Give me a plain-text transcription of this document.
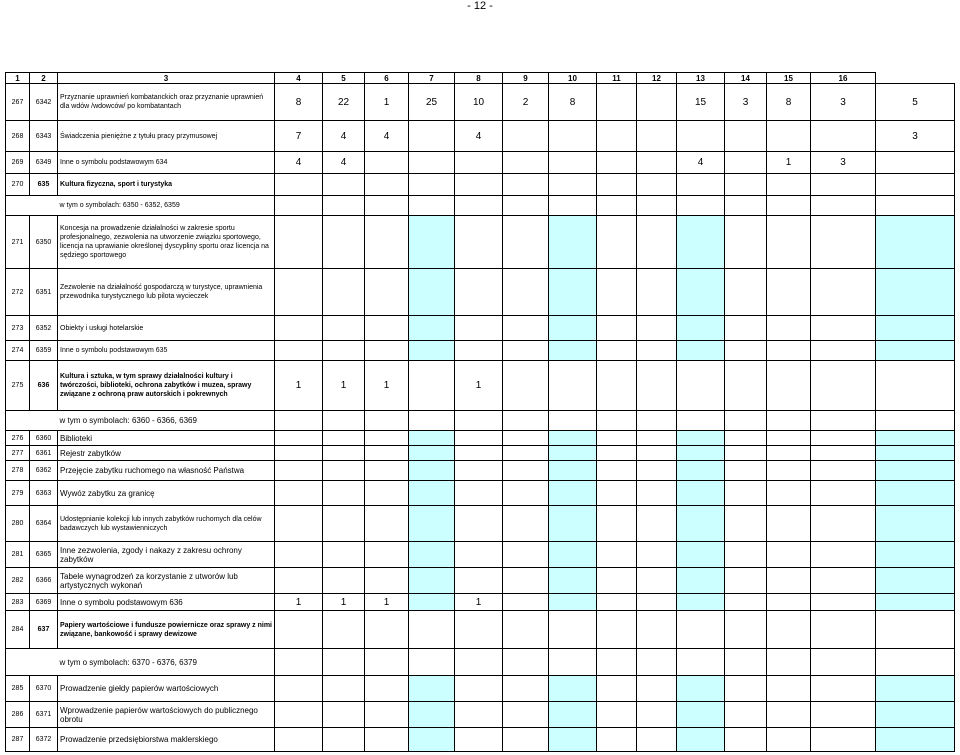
- 12 -
1	2	3	4	5	6	7	8	9	10	11	12	13	14	15	16	
267	6342	Przyznanie uprawnień kombatanckich oraz przyznanie uprawnień dla wdów /wdowców/ po kombatantach	8	22	1	25	10	2	8			15	3	8	3	5
268	6343	Świadczenia pieniężne z tytułu pracy przymusowej	7	4	4		4									3
269	6349	Inne o symbolu podstawowym 634	4	4								4		1	3	
270	635	Kultura fizyczna, sport i turystyka														
		w tym o symbolach: 6350 - 6352, 6359														
271	6350	Koncesja na prowadzenie działalności w zakresie sportu profesjonalnego, zezwolenia na utworzenie związku sportowego, licencja na uprawianie określonej dyscypliny sportu oraz licencja na sędziego sportowego														
272	6351	Zezwolenie na działalność gospodarczą w turystyce, uprawnienia przewodnika turystycznego lub pilota wycieczek														
273	6352	Obiekty i usługi hotelarskie														
274	6359	Inne o symbolu podstawowym 635														
275	636	Kultura i sztuka, w tym sprawy działalności kultury i twórczości, biblioteki, ochrona zabytków i muzea, sprawy związane z ochroną praw autorskich i pokrewnych	1	1	1		1									
		w tym o symbolach: 6360 - 6366, 6369														
276	6360	Biblioteki														
277	6361	Rejestr zabytków														
278	6362	Przejęcie zabytku ruchomego na własność Państwa														
279	6363	Wywóz zabytku za granicę														
280	6364	Udostępnianie kolekcji lub innych zabytków ruchomych dla celów badawczych lub wystawienniczych														
281	6365	Inne zezwolenia, zgody i nakazy z zakresu ochrony zabytków														
282	6366	Tabele wynagrodzeń za korzystanie z utworów lub artystycznych wykonań														
283	6369	Inne o symbolu podstawowym 636	1	1	1		1									
284	637	Papiery wartościowe i fundusze powiernicze oraz sprawy z nimi związane, bankowość i sprawy dewizowe														
		w tym o symbolach: 6370 - 6376, 6379														
285	6370	Prowadzenie giełdy papierów wartościowych														
286	6371	Wprowadzenie papierów wartościowych do publicznego obrotu														
287	6372	Prowadzenie przedsiębiorstwa maklerskiego														
